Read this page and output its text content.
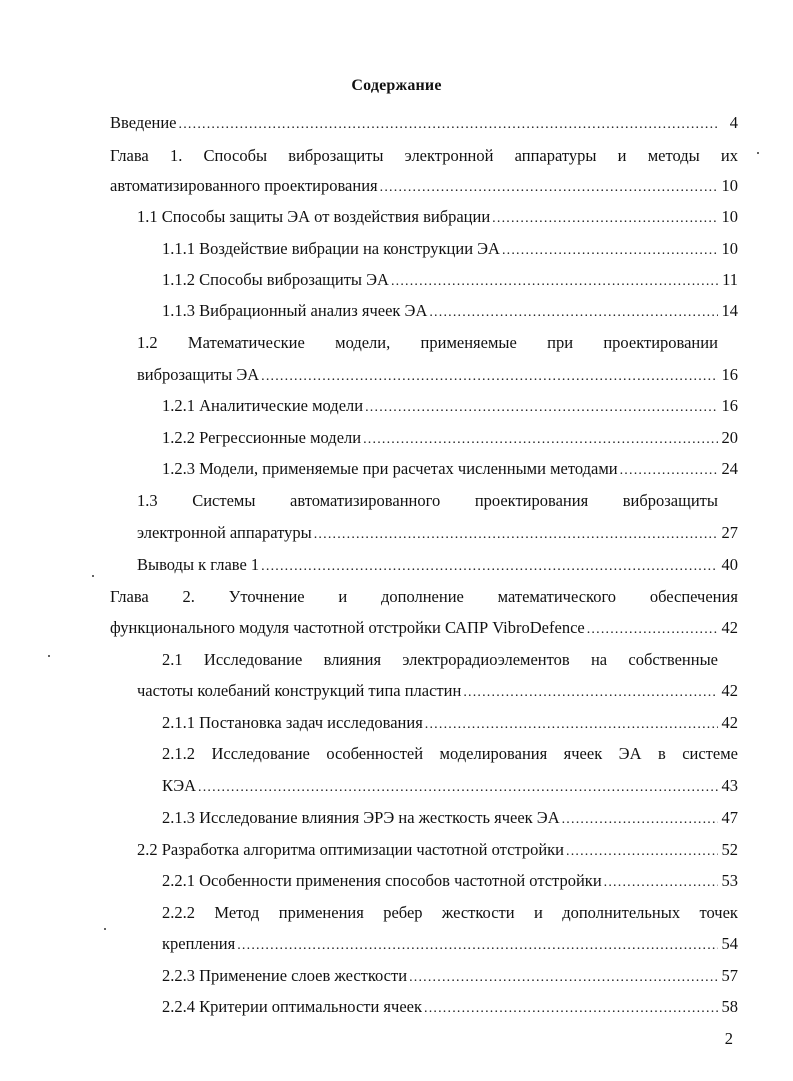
Содержание
Введение .....	4
Глава 1. Способы виброзащиты электронной аппаратуры и методы их
автоматизированного проектирования .....	10
1.1 Способы защиты ЭА от воздействия вибрации .....	10
1.1.1 Воздействие вибрации на конструкции ЭА .....	10
1.1.2 Способы виброзащиты ЭА .....	11
1.1.3 Вибрационный анализ ячеек ЭА .....	14
1.2 Математические модели, применяемые при проектировании
виброзащиты ЭА .....	16
1.2.1 Аналитические модели .....	16
1.2.2 Регрессионные модели .....	20
1.2.3 Модели, применяемые при расчетах численными методами .....	24
1.3 Системы автоматизированного проектирования виброзащиты
электронной аппаратуры .....	27
Выводы к главе 1 .....	40
Глава 2. Уточнение и дополнение математического обеспечения
функционального модуля частотной отстройки САПР VibroDefence .....	42
2.1 Исследование влияния электрорадиоэлементов на собственные
частоты колебаний конструкций типа пластин .....	42
2.1.1 Постановка задач исследования .....	42
2.1.2 Исследование особенностей моделирования ячеек ЭА в системе
КЭА .....	43
2.1.3 Исследование влияния ЭРЭ на жесткость ячеек ЭА .....	47
2.2 Разработка алгоритма оптимизации частотной отстройки .....	52
2.2.1 Особенности применения способов частотной отстройки .....	53
2.2.2 Метод применения ребер жесткости и дополнительных точек
крепления .....	54
2.2.3 Применение слоев жесткости .....	57
2.2.4 Критерии оптимальности ячеек .....	58
2
